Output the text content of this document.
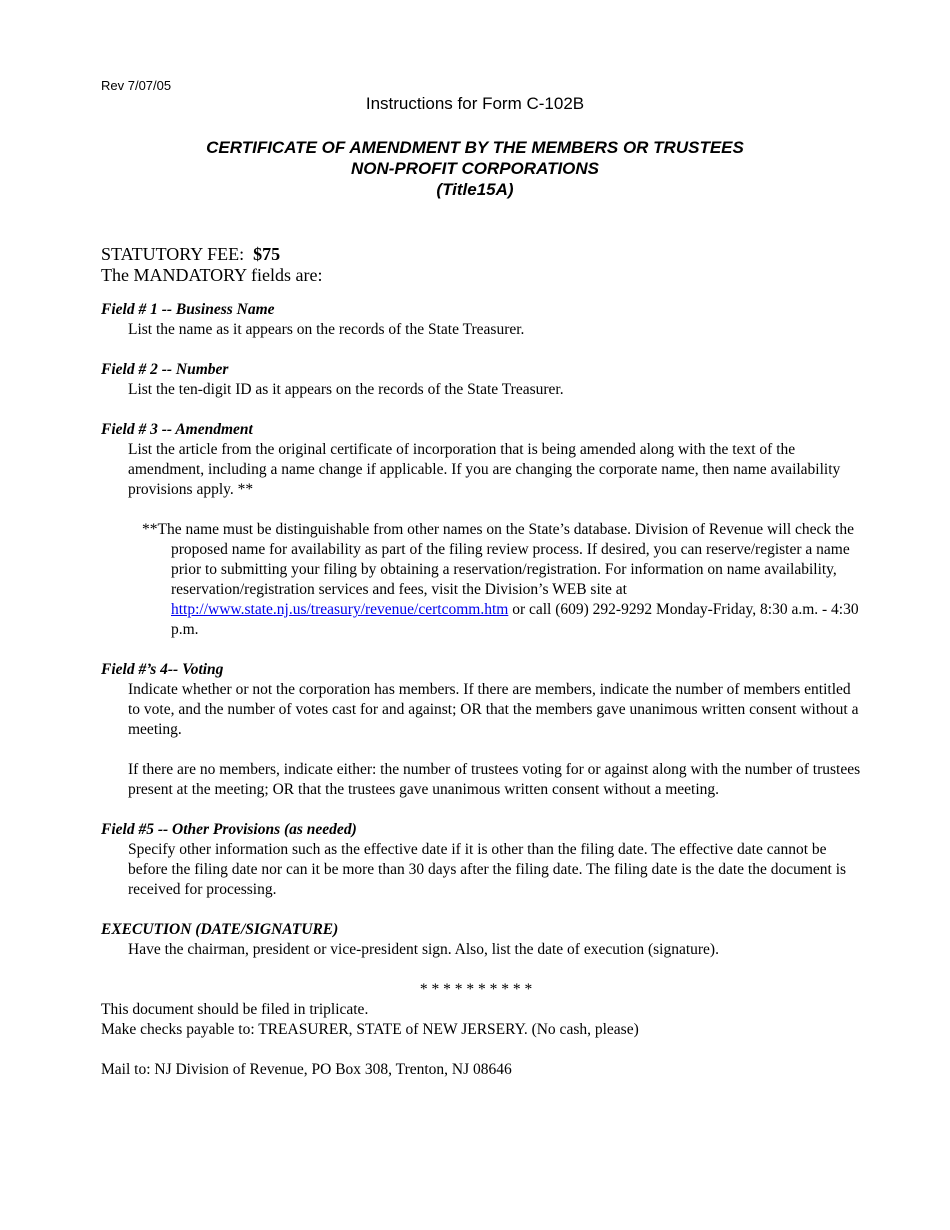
Rev 7/07/05
Instructions for Form C-102B
CERTIFICATE OF AMENDMENT BY THE MEMBERS OR TRUSTEES
NON-PROFIT CORPORATIONS
(Title15A)
STATUTORY FEE: $75
The MANDATORY fields are:
Field # 1 -- Business Name
List the name as it appears on the records of the State Treasurer.
Field # 2 -- Number
List the ten-digit ID as it appears on the records of the State Treasurer.
Field # 3 -- Amendment
List the article from the original certificate of incorporation that is being amended along with the text of the amendment, including a name change if applicable. If you are changing the corporate name, then name availability provisions apply. **
**The name must be distinguishable from other names on the State’s database. Division of Revenue will check the proposed name for availability as part of the filing review process. If desired, you can reserve/register a name prior to submitting your filing by obtaining a reservation/registration. For information on name availability, reservation/registration services and fees, visit the Division’s WEB site at http://www.state.nj.us/treasury/revenue/certcomm.htm or call (609) 292-9292 Monday-Friday, 8:30 a.m. - 4:30 p.m.
Field #’s 4-- Voting
Indicate whether or not the corporation has members. If there are members, indicate the number of members entitled to vote, and the number of votes cast for and against; OR that the members gave unanimous written consent without a meeting.
If there are no members, indicate either: the number of trustees voting for or against along with the number of trustees present at the meeting; OR that the trustees gave unanimous written consent without a meeting.
Field #5 -- Other Provisions (as needed)
Specify other information such as the effective date if it is other than the filing date. The effective date cannot be before the filing date nor can it be more than 30 days after the filing date. The filing date is the date the document is received for processing.
EXECUTION (DATE/SIGNATURE)
Have the chairman, president or vice-president sign. Also, list the date of execution (signature).
* * * * * * * * * *
This document should be filed in triplicate.
Make checks payable to: TREASURER, STATE of NEW JERSERY. (No cash, please)
Mail to: NJ Division of Revenue, PO Box 308, Trenton, NJ 08646
